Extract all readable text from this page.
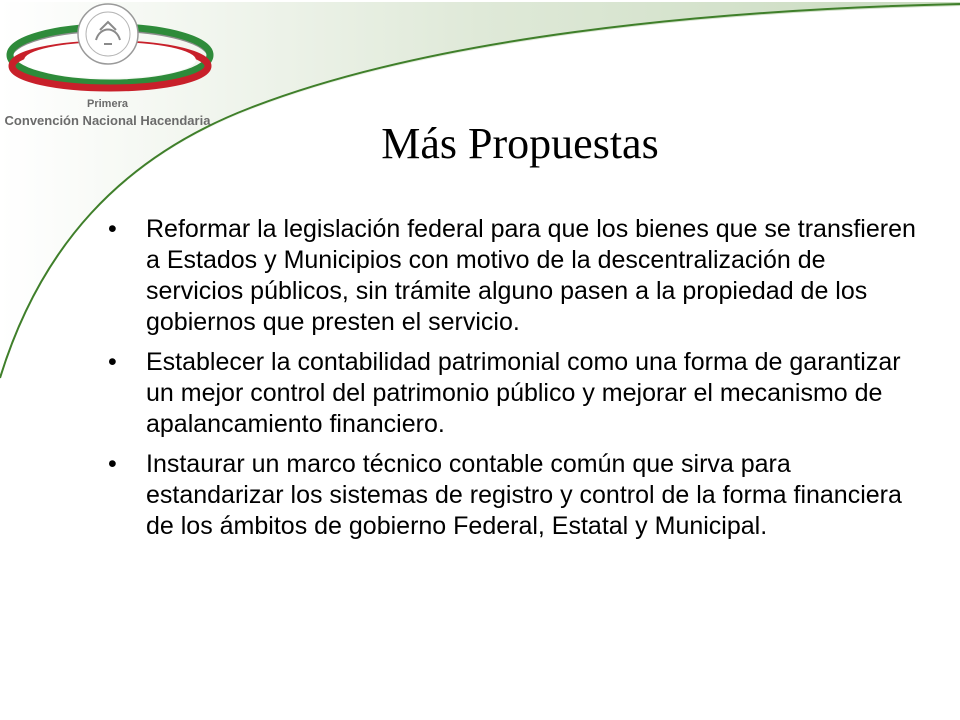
Primera
Convención Nacional Hacendaria	Más Propuestas
• Reformar la legislación federal para que los bienes que se transfieren a Estados y Municipios con motivo de la descentralización de servicios públicos, sin trámite alguno pasen a la propiedad de los gobiernos que presten el servicio.
• Establecer la contabilidad patrimonial como una forma de garantizar un mejor control del patrimonio público y mejorar el mecanismo de apalancamiento financiero.
• Instaurar un marco técnico contable común que sirva para estandarizar los sistemas de registro y control de la forma financiera de los ámbitos de gobierno Federal, Estatal y Municipal.
